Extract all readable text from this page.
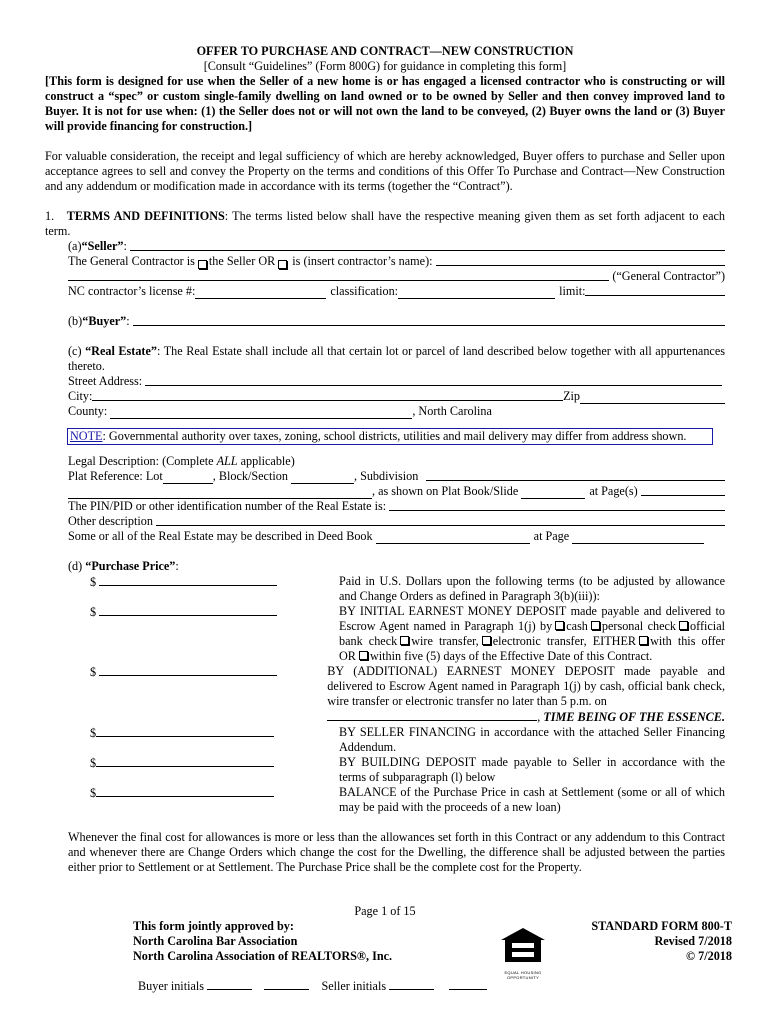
OFFER TO PURCHASE AND CONTRACT—NEW CONSTRUCTION
[Consult “Guidelines” (Form 800G) for guidance in completing this form]
[This form is designed for use when the Seller of a new home is or has engaged a licensed contractor who is constructing or will construct a “spec” or custom single-family dwelling on land owned or to be owned by Seller and then convey improved land to Buyer. It is not for use when: (1) the Seller does not or will not own the land to be conveyed, (2) Buyer owns the land or (3) Buyer will provide financing for construction.]
For valuable consideration, the receipt and legal sufficiency of which are hereby acknowledged, Buyer offers to purchase and Seller upon acceptance agrees to sell and convey the Property on the terms and conditions of this Offer To Purchase and Contract—New Construction and any addendum or modification made in accordance with its terms (together the “Contract”).
1. TERMS AND DEFINITIONS: The terms listed below shall have the respective meaning given them as set forth adjacent to each term.
(a) “Seller” :
The General Contractor is the Seller OR
is (insert contractor’s name):
(“General Contractor”)
NC contractor’s license #:	classification:	limit:
(b) “Buyer” :
(c) “Real Estate”: The Real Estate shall include all that certain lot or parcel of land described below together with all appurtenances thereto.
Street Address:
City:	Zip
County:
	, North Carolina
NOTE: Governmental authority over taxes, zoning, school districts, utilities and mail delivery may differ from address shown.
Legal Description: (Complete ALL applicable)
Plat Reference: Lot	, Block/Section
	, Subdivision
, as shown on Plat Book/Slide
	at Page(s)

The PIN/PID or other identification number of the Real Estate is:
Other description
Some or all of the Real Estate may be described in Deed Book
	at Page

(d) “Purchase Price”:
$	Paid in U.S. Dollars upon the following terms (to be adjusted by allowance and Change Orders as defined in Paragraph 3(b)(iii)):
$	BY INITIAL EARNEST MONEY DEPOSIT made payable and delivered to Escrow Agent named in Paragraph 1(j) by cash personal check official bank check wire transfer, electronic transfer, EITHER with this offer OR within five (5) days of the Effective Date of this Contract.
$	BY (ADDITIONAL) EARNEST MONEY DEPOSIT made payable and delivered to Escrow Agent named in Paragraph 1(j) by cash, official bank check, wire transfer or electronic transfer no later than 5 p.m. on
, TIME BEING OF THE ESSENCE.
$	BY SELLER FINANCING in accordance with the attached Seller Financing Addendum.
$	BY BUILDING DEPOSIT made payable to Seller in accordance with the terms of subparagraph (l) below
$	BALANCE of the Purchase Price in cash at Settlement (some or all of which may be paid with the proceeds of a new loan)
Whenever the final cost for allowances is more or less than the allowances set forth in this Contract or any addendum to this Contract and whenever there are Change Orders which change the cost for the Dwelling, the difference shall be adjusted between the parties either prior to Settlement or at Settlement. The Purchase Price shall be the complete cost for the Property.
Page 1 of 15
This form jointly approved by:
North Carolina Bar Association
North Carolina Association of REALTORS®, Inc.
EQUAL HOUSING OPPORTUNITY
STANDARD FORM 800-T
Revised 7/2018
© 7/2018
Buyer initials	Seller initials
